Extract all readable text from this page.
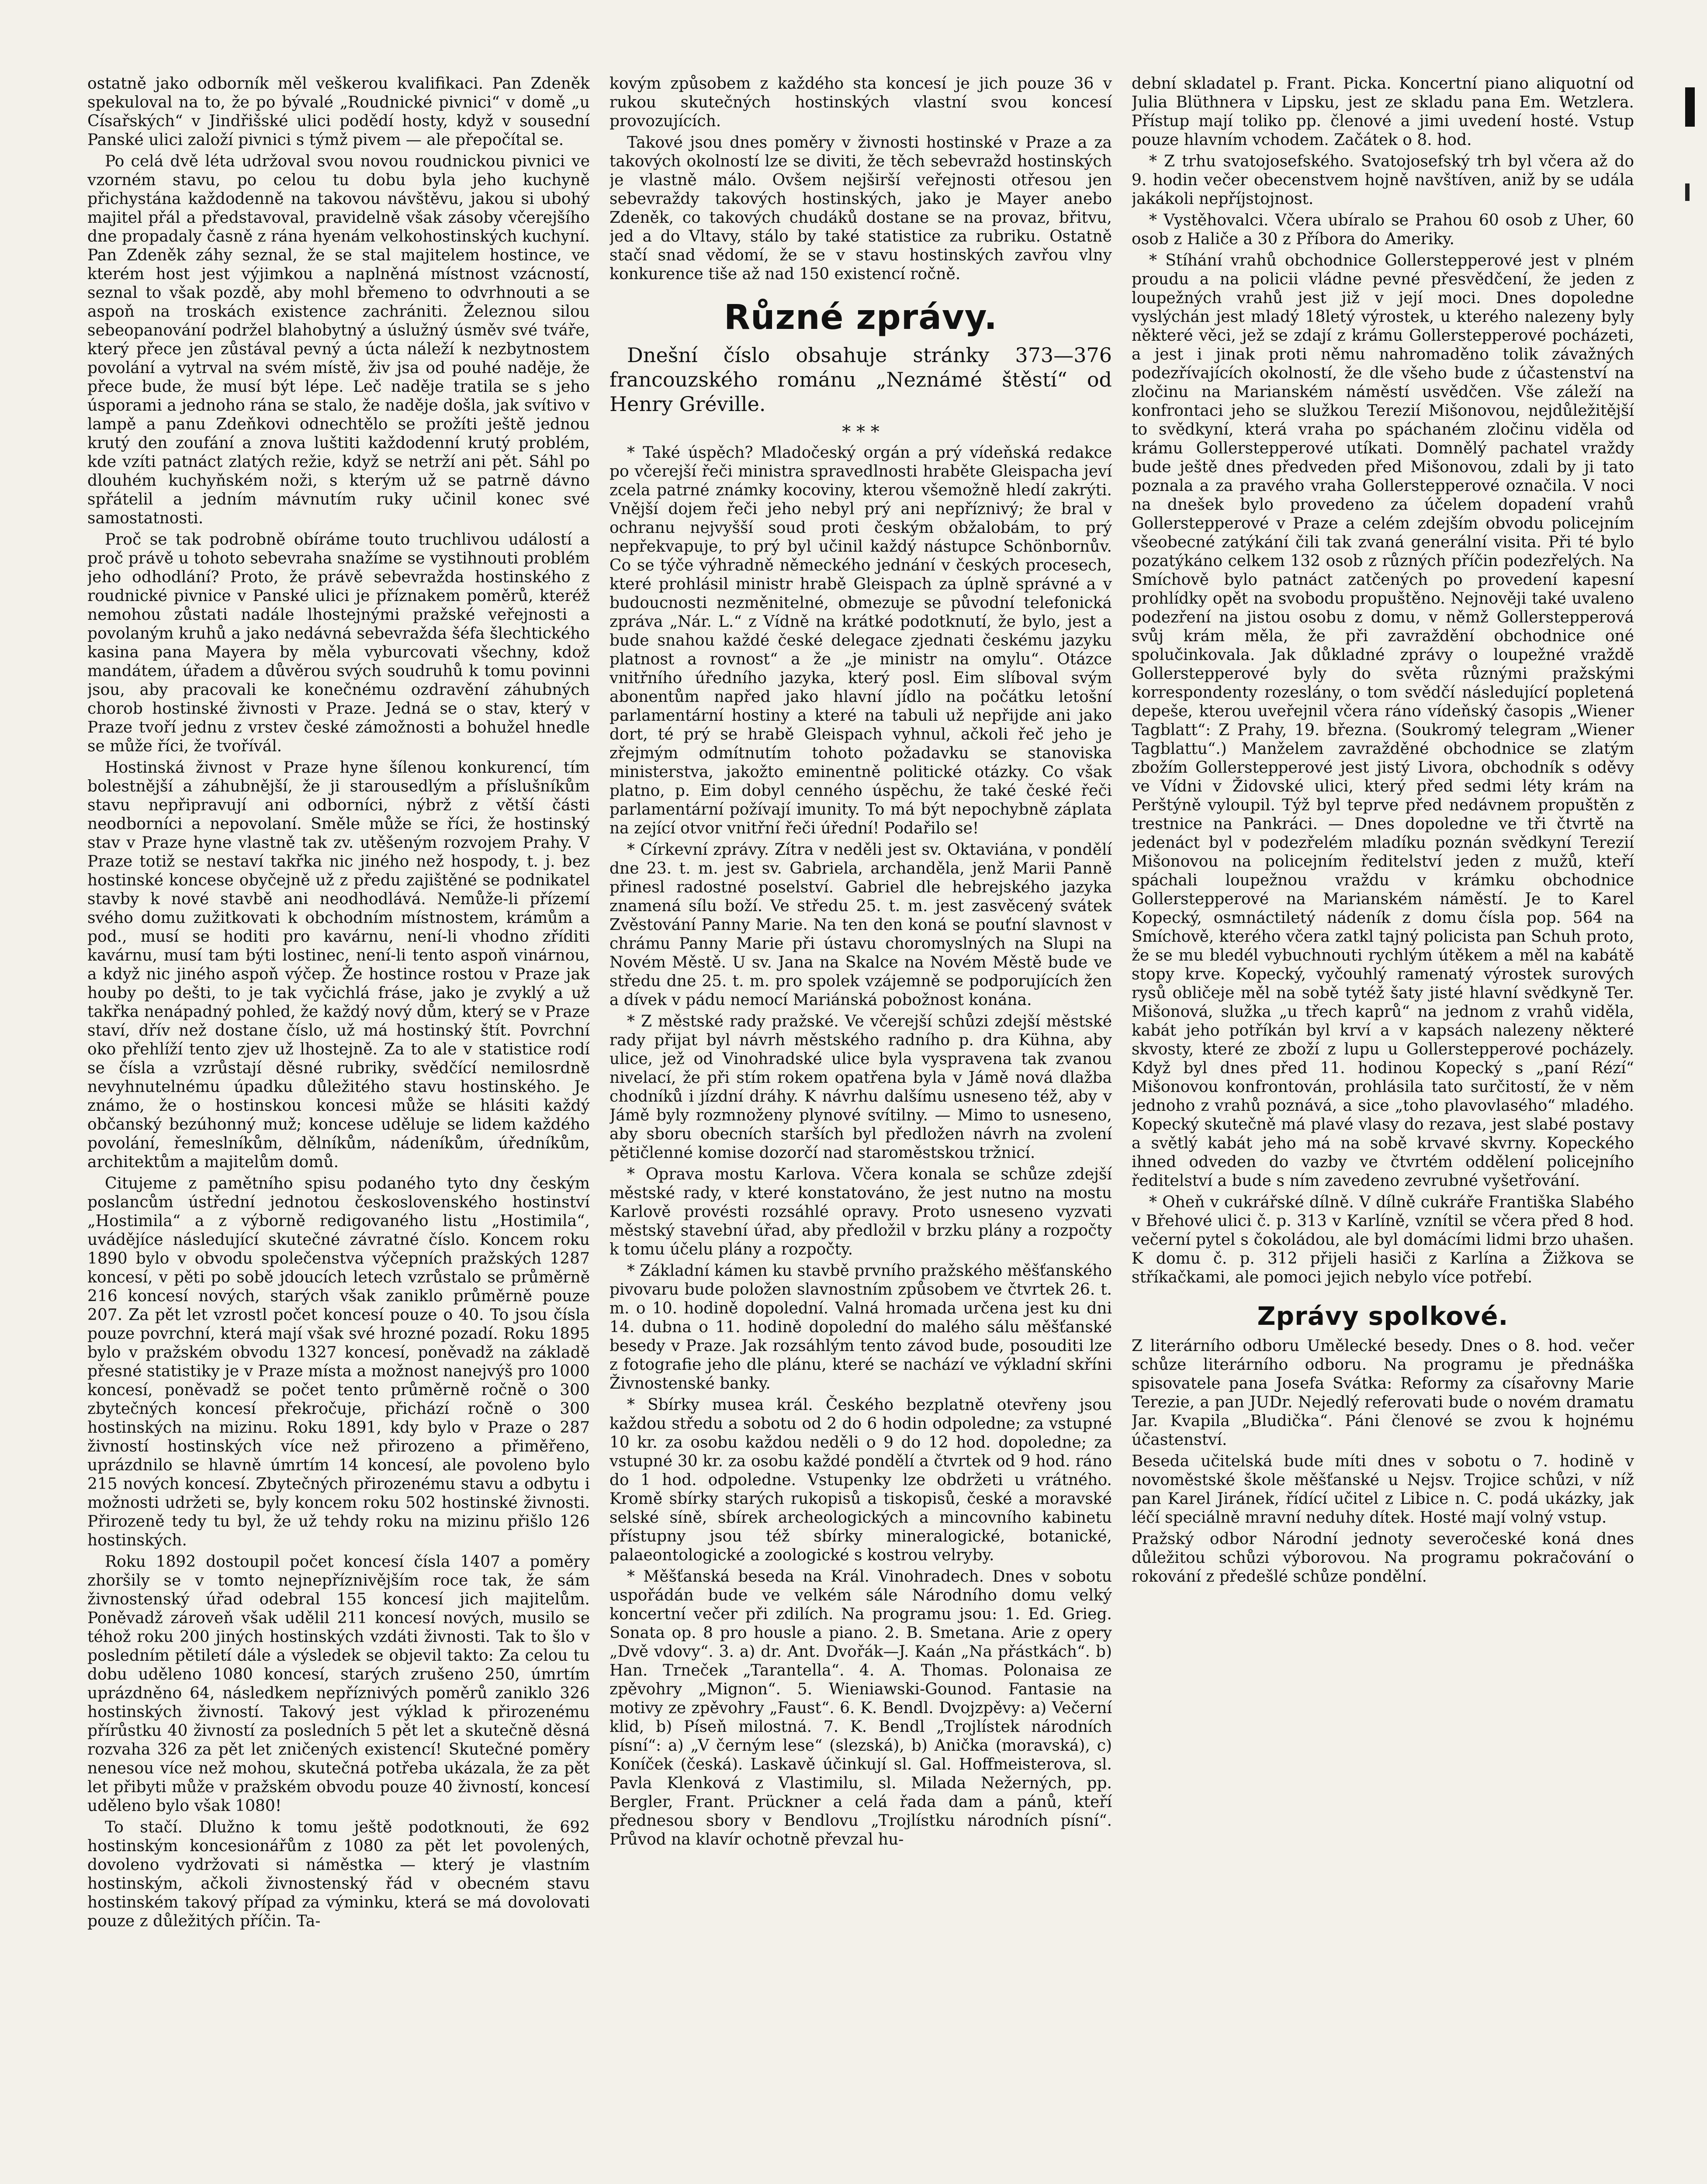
ostatně jako odborník měl veškerou kvalifikaci. Pan Zdeněk spekuloval na to, že po bývalé „Roudnické pivnici“ v domě „u Císařských“ v Jindřišské ulici podědí hosty, když v sousední Panské ulici založí pivnici s týmž pivem — ale přepočítal se.

Po celá dvě léta udržoval svou novou roudnickou pivnici ve vzorném stavu, po celou tu dobu byla jeho kuchyně přichystána každodenně na takovou návštěvu, jakou si ubohý majitel přál a představoval, pravidelně však zásoby včerejšího dne propadaly časně z rána hyenám velkohostinských kuchyní. Pan Zdeněk záhy seznal, že se stal majitelem hostince, ve kterém host jest výjimkou a naplněná místnost vzácností, seznal to však pozdě, aby mohl břemeno to odvrhnouti a se aspoň na troskách existence zachrániti. Železnou silou sebeopanování podržel blahobytný a úslužný úsměv své tváře, který přece jen zůstával pevný a úcta náleží k nezbytnostem povolání a vytrval na svém místě, živ jsa od pouhé naděje, že přece bude, že musí být lépe. Leč naděje tratila se s jeho úsporami a jednoho rána se stalo, že naděje došla, jak svítivo v lampě a panu Zdeňkovi odnechtělo se prožíti ještě jednou krutý den zoufání a znova luštiti každodenní krutý problém, kde vzíti patnáct zlatých režie, když se netrží ani pět. Sáhl po dlouhém kuchyňském noži, s kterým už se patrně dávno spřátelil a jedním mávnutím ruky učinil konec své samostatnosti.

Proč se tak podrobně obíráme touto truchlivou událostí a proč právě u tohoto sebevraha snažíme se vystihnouti problém jeho odhodlání? Proto, že právě sebevražda hostinského z roudnické pivnice v Panské ulici je příznakem poměrů, kteréž nemohou zůstati nadále lhostejnými pražské veřejnosti a povolaným kruhů a jako nedávná sebevražda šéfa šlechtického kasina pana Mayera by měla vyburcovati všechny, kdož mandátem, úřadem a důvěrou svých soudruhů k tomu povinni jsou, aby pracovali ke konečnému ozdravění záhubných chorob hostinské živnosti v Praze. Jedná se o stav, který v Praze tvoří jednu z vrstev české zámožnosti a bohužel hnedle se může říci, že tvořívál.

Hostinská živnost v Praze hyne šílenou konkurencí, tím bolestnější a záhubnější, že ji starousedlým a příslušníkům stavu nepřipravují ani odborníci, nýbrž z větší části neodborníci a nepovolaní. Směle může se říci, že hostinský stav v Praze hyne vlastně tak zv. utěšeným rozvojem Prahy. V Praze totiž se nestaví takřka nic jiného než hospody, t. j. bez hostinské koncese obyčejně už z předu zajištěné se podnikatel stavby k nové stavbě ani neodhodlává. Nemůže-li přízemí svého domu zužitkovati k obchodním místnostem, krámům a pod., musí se hoditi pro kavárnu, není-li vhodno zříditi kavárnu, musí tam býti lostinec, není-li tento aspoň vinárnou, a když nic jiného aspoň výčep. Že hostince rostou v Praze jak houby po dešti, to je tak vyčichlá fráse, jako je zvyklý a už takřka nenápadný pohled, že každý nový dům, který se v Praze staví, dřív než dostane číslo, už má hostinský štít. Povrchní oko přehlíží tento zjev už lhostejně. Za to ale v statistice rodí se čísla a vzrůstají děsné rubriky, svědčící nemilosrdně nevyhnutelnému úpadku důležitého stavu hostinského. Je známo, že o hostinskou koncesi může se hlásiti každý občanský bezúhonný muž; koncese uděluje se lidem každého povolání, řemeslníkům, dělníkům, nádeníkům, úředníkům, architektům a majitelům domů.

Citujeme z pamětního spisu podaného tyto dny českým poslancům ústřední jednotou československého hostinství „Hostimila“ a z výborně redigovaného listu „Hostimila“, uvádějíce následující skutečné závratné číslo. Koncem roku 1890 bylo v obvodu společenstva výčepních pražských 1287 koncesí, v pěti po sobě jdoucích letech vzrůstalo se průměrně 216 koncesí nových, starých však zaniklo průměrně pouze 207. Za pět let vzrostl počet koncesí pouze o 40. To jsou čísla pouze povrchní, která mají však své hrozné pozadí. Roku 1895 bylo v pražském obvodu 1327 koncesí, poněvadž na základě přesné statistiky je v Praze místa a možnost nanejvýš pro 1000 koncesí, poněvadž se počet tento průměrně ročně o 300 zbytečných koncesí překročuje, přichází ročně o 300 hostinských na mizinu. Roku 1891, kdy bylo v Praze o 287 živností hostinských více než přirozeno a přiměřeno, uprázdnilo se hlavně úmrtím 14 koncesí, ale povoleno bylo 215 nových koncesí. Zbytečných přirozenému stavu a odbytu i možnosti udržeti se, byly koncem roku 502 hostinské živnosti. Přirozeně tedy tu byl, že už tehdy roku na mizinu přišlo 126 hostinských.

Roku 1892 dostoupil počet koncesí čísla 1407 a poměry zhoršily se v tomto nejnepříznivějším roce tak, že sám živnostenský úřad odebral 155 koncesí jich majitelům. Poněvadž zároveň však udělil 211 koncesí nových, musilo se téhož roku 200 jiných hostinských vzdáti živnosti. Tak to šlo v posledním pětiletí dále a výsledek se objevil takto: Za celou tu dobu uděleno 1080 koncesí, starých zrušeno 250, úmrtím uprázdněno 64, následkem nepříznivých poměrů zaniklo 326 hostinských živností. Takový jest výklad k přirozenému přírůstku 40 živností za posledních 5 pět let a skutečně děsná rozvaha 326 za pět let zničených existencí! Skutečné poměry nenesou více než mohou, skutečná potřeba ukázala, že za pět let přibyti může v pražském obvodu pouze 40 živností, koncesí uděleno bylo však 1080!

To stačí. Dlužno k tomu ještě podotknouti, že 692 hostinským koncesionářům z 1080 za pět let povolených, dovoleno vydržovati si náměstka — který je vlastním hostinským, ačkoli živnostenský řád v obecném stavu hostinském takový případ za výminku, která se má dovolovati pouze z důležitých příčin. Ta-

kovým způsobem z každého sta koncesí je jich pouze 36 v rukou skutečných hostinských vlastní svou koncesí provozujících.

Takové jsou dnes poměry v živnosti hostinské v Praze a za takových okolností lze se diviti, že těch sebevražd hostinských je vlastně málo. Ovšem nejširší veřejnosti otřesou jen sebevraždy takových hostinských, jako je Mayer anebo Zdeněk, co takových chudáků dostane se na provaz, břitvu, jed a do Vltavy, stálo by také statistice za rubriku. Ostatně stačí snad vědomí, že se v stavu hostinských zavřou vlny konkurence tiše až nad 150 existencí ročně.

Různé zprávy.
Dnešní číslo obsahuje stránky 373—376 francouzského románu „Neznámé štěstí“ od Henry Gréville.
* * *

* Také úspěch? Mladočeský orgán a prý vídeňská redakce po včerejší řeči ministra spravedlnosti hraběte Gleispacha jeví zcela patrné známky kocoviny, kterou všemožně hledí zakrýti. Vnější dojem řeči jeho nebyl prý ani nepříznivý; že bral v ochranu nejvyšší soud proti českým obžalobám, to prý nepřekvapuje, to prý byl učinil každý nástupce Schönbornův. Co se týče výhradně německého jednání v českých procesech, které prohlásil ministr hrabě Gleispach za úplně správné a v budoucnosti nezměnitelné, obmezuje se původní telefonická zpráva „Nár. L.“ z Vídně na krátké podotknutí, že bylo, jest a bude snahou každé české delegace zjednati českému jazyku platnost a rovnost“ a že „je ministr na omylu“. Otázce vnitřního úředního jazyka, který posl. Eim slíboval svým abonentům napřed jako hlavní jídlo na počátku letošní parlamentární hostiny a které na tabuli už nepřijde ani jako dort, té prý se hrabě Gleispach vyhnul, ačkoli řeč jeho je zřejmým odmítnutím tohoto požadavku se stanoviska ministerstva, jakožto eminentně politické otázky. Co však platno, p. Eim dobyl cenného úspěchu, že také české řeči parlamentární požívají imunity. To má být nepochybně záplata na zející otvor vnitřní řeči úřední! Podařilo se!

* Církevní zprávy. Zítra v neděli jest sv. Oktaviána, v pondělí dne 23. t. m. jest sv. Gabriela, archanděla, jenž Marii Panně přinesl radostné poselství. Gabriel dle hebrejského jazyka znamená sílu boží. Ve středu 25. t. m. jest zasvěcený svátek Zvěstování Panny Marie. Na ten den koná se pouťní slavnost v chrámu Panny Marie při ústavu choromyslných na Slupi na Novém Městě. U sv. Jana na Skalce na Novém Městě bude ve středu dne 25. t. m. pro spolek vzájemně se podporujících žen a dívek v pádu nemocí Mariánská pobožnost konána.

* Z městské rady pražské. Ve včerejší schůzi zdejší městské rady přijat byl návrh městského radního p. dra Kühna, aby ulice, jež od Vinohradské ulice byla vyspravena tak zvanou nivelací, že při stím rokem opatřena byla v Jámě nová dlažba chodníků i jízdní dráhy. K návrhu dalšímu usneseno též, aby v Jámě byly rozmnoženy plynové svítilny. — Mimo to usneseno, aby sboru obecních starších byl předložen návrh na zvolení pětičlenné komise dozorčí nad staroměstskou tržnicí.

* Oprava mostu Karlova. Včera konala se schůze zdejší městské rady, v které konstatováno, že jest nutno na mostu Karlově provésti rozsáhlé opravy. Proto usneseno vyzvati městský stavební úřad, aby předložil v brzku plány a rozpočty k tomu účelu plány a rozpočty.

* Základní kámen ku stavbě prvního pražského měšťanského pivovaru bude položen slavnostním způsobem ve čtvrtek 26. t. m. o 10. hodině dopolední. Valná hromada určena jest ku dni 14. dubna o 11. hodině dopolední do malého sálu měšťanské besedy v Praze. Jak rozsáhlým tento závod bude, posouditi lze z fotografie jeho dle plánu, které se nachází ve výkladní skříni Živnostenské banky.

* Sbírky musea král. Českého bezplatně otevřeny jsou každou středu a sobotu od 2 do 6 hodin odpoledne; za vstupné 10 kr. za osobu každou neděli o 9 do 12 hod. dopoledne; za vstupné 30 kr. za osobu každé pondělí a čtvrtek od 9 hod. ráno do 1 hod. odpoledne. Vstupenky lze obdržeti u vrátného. Kromě sbírky starých rukopisů a tiskopisů, české a moravské selské síně, sbírek archeologických a mincovního kabinetu přístupny jsou též sbírky mineralogické, botanické, palaeontologické a zoologické s kostrou velryby.

* Měšťanská beseda na Král. Vinohradech. Dnes v sobotu uspořádán bude ve velkém sále Národního domu velký koncertní večer při zdilích. Na programu jsou: 1. Ed. Grieg. Sonata op. 8 pro housle a piano. 2. B. Smetana. Arie z opery „Dvě vdovy“. 3. a) dr. Ant. Dvořák—J. Kaán „Na přástkách“. b) Han. Trneček „Tarantella“. 4. A. Thomas. Polonaisa ze zpěvohry „Mignon“. 5. Wieniawski-Gounod. Fantasie na motivy ze zpěvohry „Faust“. 6. K. Bendl. Dvojzpěvy: a) Večerní klid, b) Píseň milostná. 7. K. Bendl „Trojlístek národních písní“: a) „V černým lese“ (slezská), b) Anička (moravská), c) Koníček (česká). Laskavě účinkují sl. Gal. Hoffmeisterova, sl. Pavla Klenková z Vlastimilu, sl. Milada Nežerných, pp. Bergler, Frant. Prückner a celá řada dam a pánů, kteří přednesou sbory v Bendlovu „Trojlístku národních písní“. Průvod na klavír ochotně převzal hu-

dební skladatel p. Frant. Picka. Koncertní piano aliquotní od Julia Blüthnera v Lipsku, jest ze skladu pana Em. Wetzlera. Přístup mají toliko pp. členové a jimi uvedení hosté. Vstup pouze hlavním vchodem. Začátek o 8. hod.

* Z trhu svatojosefského. Svatojosefský trh byl včera až do 9. hodin večer obecenstvem hojně navštíven, aniž by se udála jakákoli nepříjstojnost.

* Vystěhovalci. Včera ubíralo se Prahou 60 osob z Uher, 60 osob z Haliče a 30 z Příbora do Ameriky.

* Stíhání vrahů obchodnice Gollerstepperové jest v plném proudu a na policii vládne pevné přesvědčení, že jeden z loupežných vrahů jest již v její moci. Dnes dopoledne vyslýchán jest mladý 18letý výrostek, u kterého nalezeny byly některé věci, jež se zdají z krámu Gollerstepperové pocházeti, a jest i jinak proti němu nahromaděno tolik závažných podezřívajících okolností, že dle všeho bude z účastenství na zločinu na Marianském náměstí usvědčen. Vše záleží na konfrontaci jeho se služkou Terezií Mišonovou, nejdůležitější to svědkyní, která vraha po spáchaném zločinu viděla od krámu Gollerstepperové utíkati. Domnělý pachatel vraždy bude ještě dnes předveden před Mišonovou, zdali by ji tato poznala a za pravého vraha Gollerstepperové označila. V noci na dnešek bylo provedeno za účelem dopadení vrahů Gollerstepperové v Praze a celém zdejším obvodu policejním všeobecné zatýkání čili tak zvaná generální visita. Při té bylo pozatýkáno celkem 132 osob z různých příčin podezřelých. Na Smíchově bylo patnáct zatčených po provedení kapesní prohlídky opět na svobodu propuštěno. Nejnověji také uvaleno podezření na jistou osobu z domu, v němž Gollerstepperová svůj krám měla, že při zavraždění obchodnice oné spolučinkovala. Jak důkladné zprávy o loupežné vraždě Gollerstepperové byly do světa různými pražskými korrespondenty rozeslány, o tom svědčí následující popletená depeše, kterou uveřejnil včera ráno vídeňský časopis „Wiener Tagblatt“: Z Prahy, 19. března. (Soukromý telegram „Wiener Tagblattu“.) Manželem zavražděné obchodnice se zlatým zbožím Gollerstepperové jest jistý Livora, obchodník s oděvy ve Vídni v Židovské ulici, který před sedmi léty krám na Perštýně vyloupil. Týž byl teprve před nedávnem propuštěn z trestnice na Pankráci. — Dnes dopoledne ve tři čtvrtě na jedenáct byl v podezřelém mladíku poznán svědkyní Terezií Mišonovou na policejním ředitelství jeden z mužů, kteří spáchali loupežnou vraždu v krámku obchodnice Gollerstepperové na Marianském náměstí. Je to Karel Kopecký, osmnáctiletý nádeník z domu čísla pop. 564 na Smíchově, kterého včera zatkl tajný policista pan Schuh proto, že se mu bledél vybuchnouti rychlým útěkem a měl na kabátě stopy krve. Kopecký, vyčouhlý ramenatý výrostek surových rysů obličeje měl na sobě tytéž šaty jisté hlavní svědkyně Ter. Mišonová, služka „u třech kaprů“ na jednom z vrahů viděla, kabát jeho potříkán byl krví a v kapsách nalezeny některé skvosty, které ze zboží z lupu u Gollerstepperové pocházely. Když byl dnes před 11. hodinou Kopecký s „paní Rézí“ Mišonovou konfrontován, prohlásila tato surčitostí, že v něm jednoho z vrahů poznává, a sice „toho plavovlasého“ mladého. Kopecký skutečně má plavé vlasy do rezava, jest slabé postavy a světlý kabát jeho má na sobě krvavé skvrny. Kopeckého ihned odveden do vazby ve čtvrtém oddělení policejního ředitelství a bude s ním zavedeno zevrubné vyšetřování.

* Oheň v cukrářské dílně. V dílně cukráře Františka Slabého v Břehové ulici č. p. 313 v Karlíně, vznítil se včera před 8 hod. večerní pytel s čokoládou, ale byl domácími lidmi brzo uhašen. K domu č. p. 312 přijeli hasiči z Karlína a Žižkova se stříkačkami, ale pomoci jejich nebylo více potřebí.

Zprávy spolkové.

Z literárního odboru Umělecké besedy. Dnes o 8. hod. večer schůze literárního odboru. Na programu je přednáška spisovatele pana Josefa Svátka: Reformy za císařovny Marie Terezie, a pan JUDr. Nejedlý referovati bude o novém dramatu Jar. Kvapila „Bludička“. Páni členové se zvou k hojnému účastenství.

Beseda učitelská bude míti dnes v sobotu o 7. hodině v novoměstské škole měšťanské u Nejsv. Trojice schůzi, v níž pan Karel Jiránek, řídící učitel z Libice n. C. podá ukázky, jak léčí speciálně mravní neduhy dítek. Hosté mají volný vstup.

Pražský odbor Národní jednoty severočeské koná dnes důležitou schůzi výborovou. Na programu pokračování o rokování z předešlé schůze pondělní.
